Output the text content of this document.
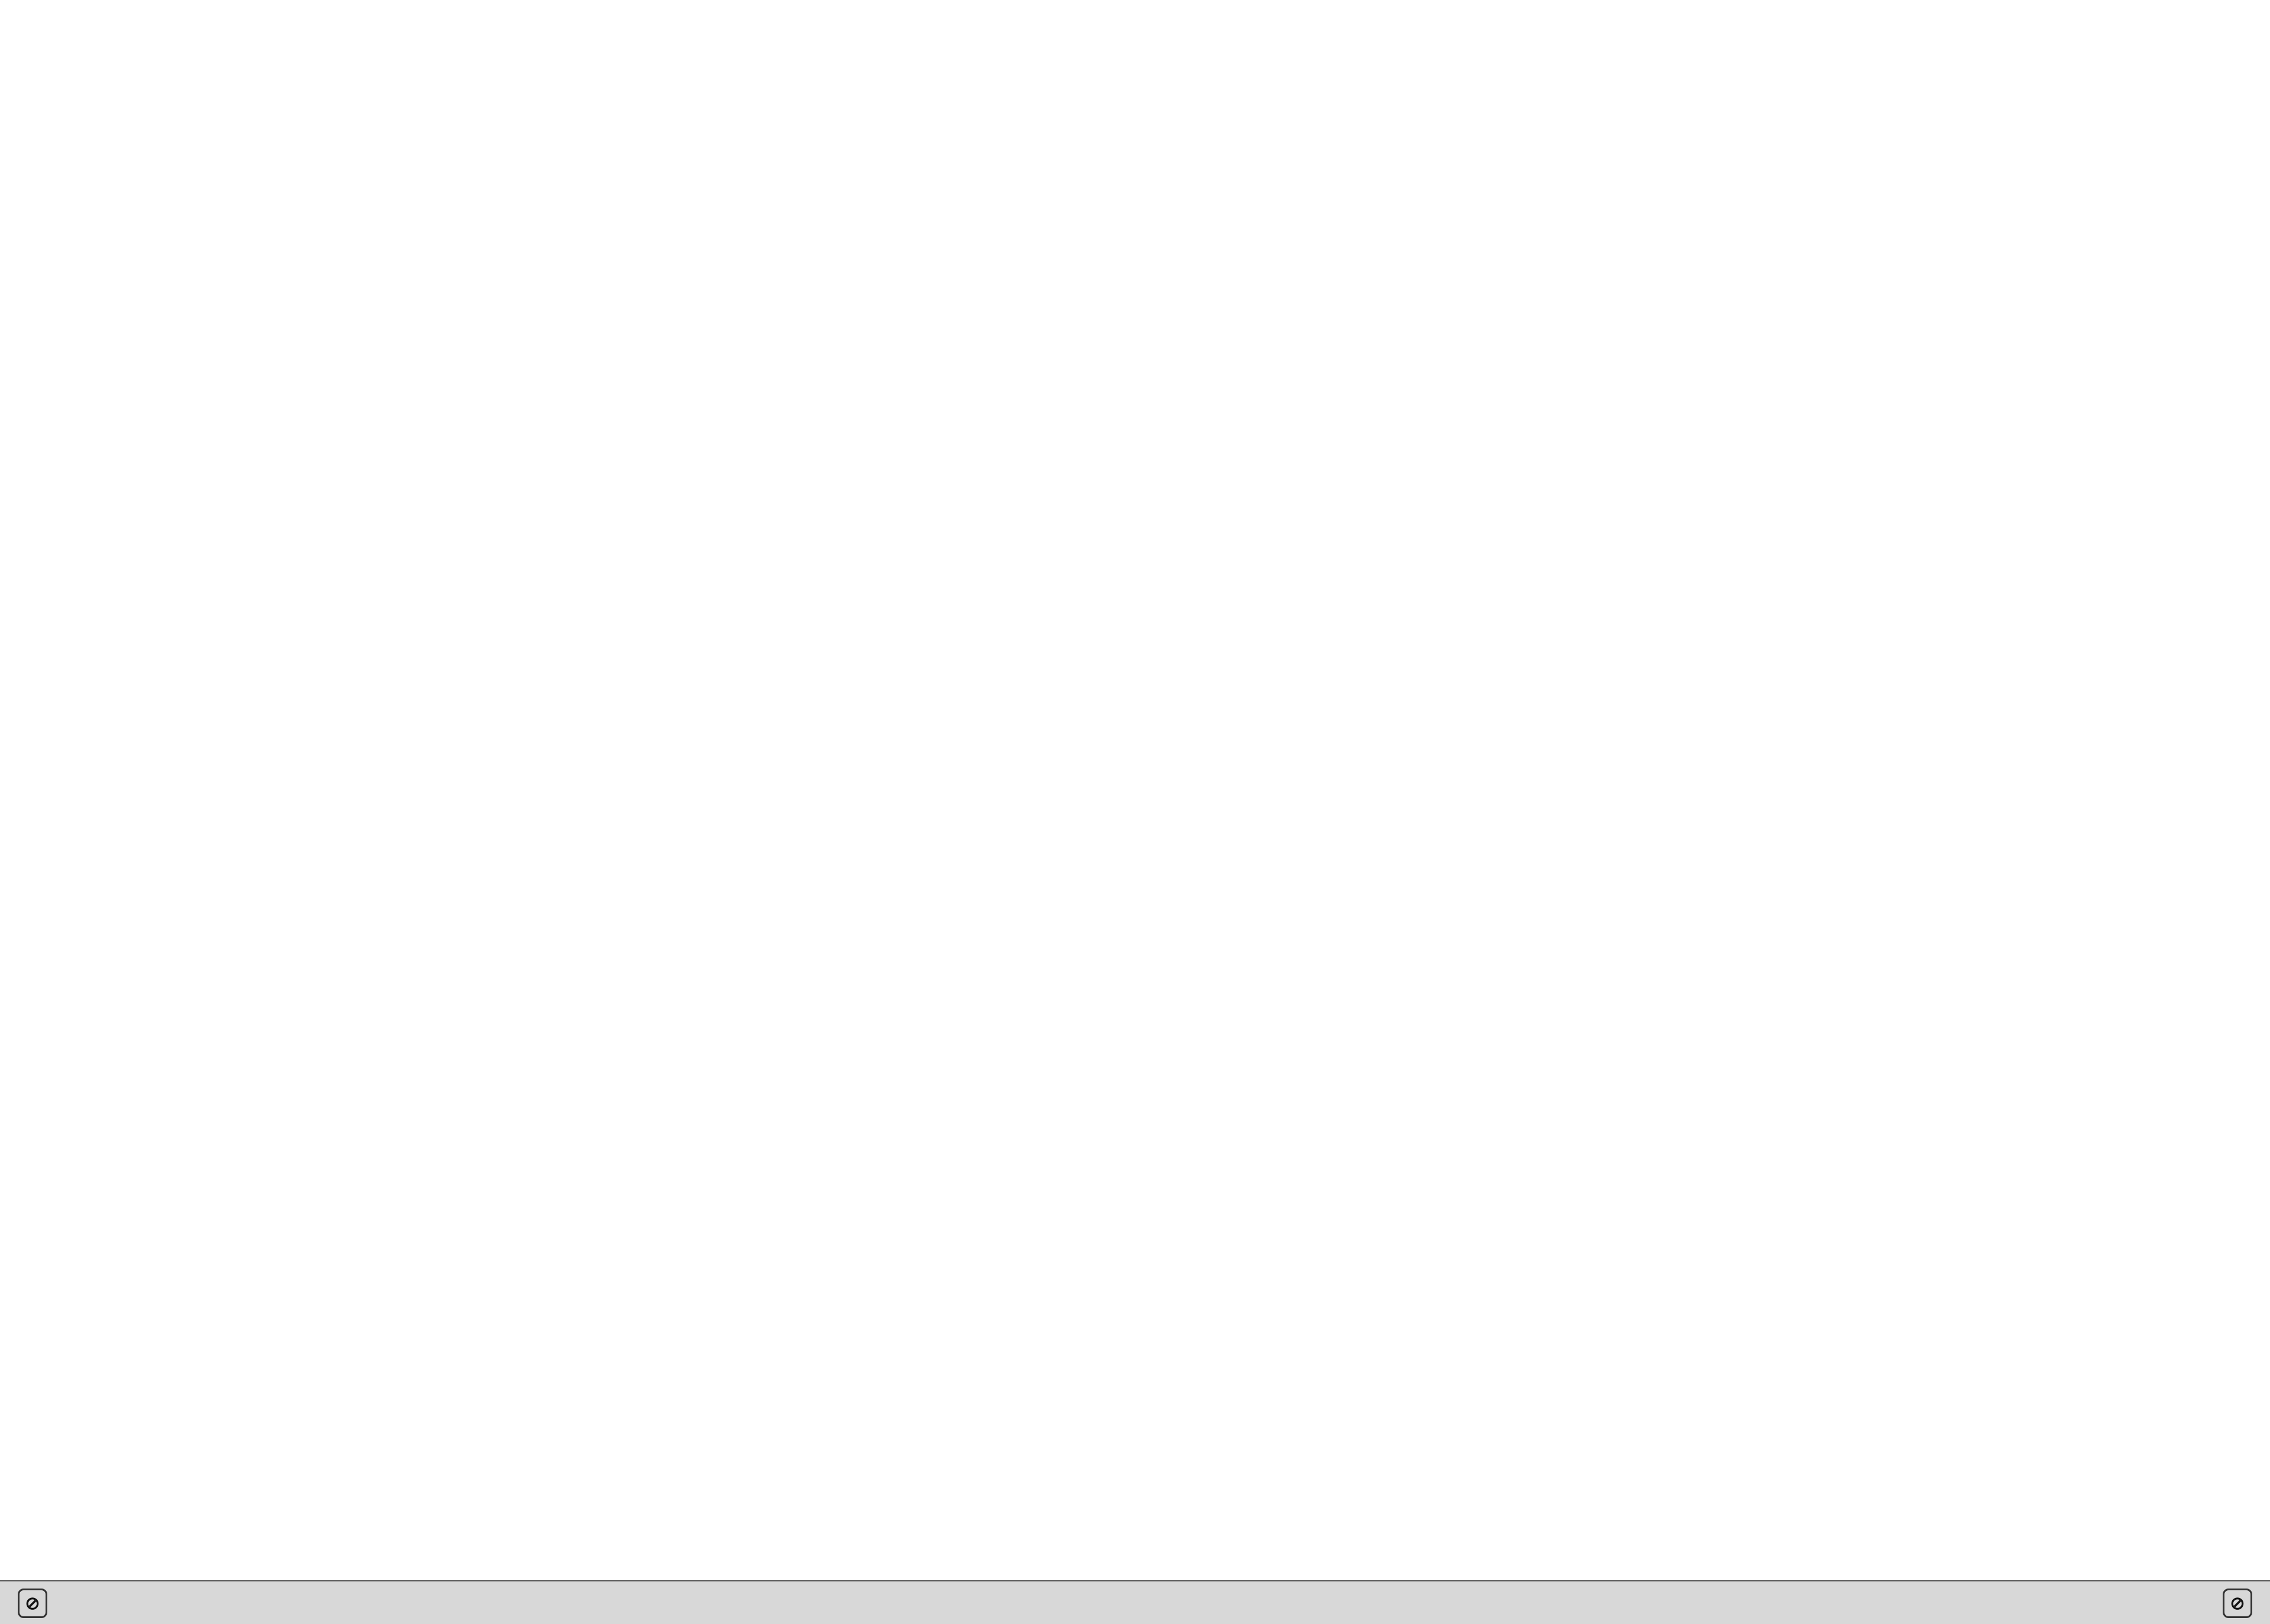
⊘	⊘
